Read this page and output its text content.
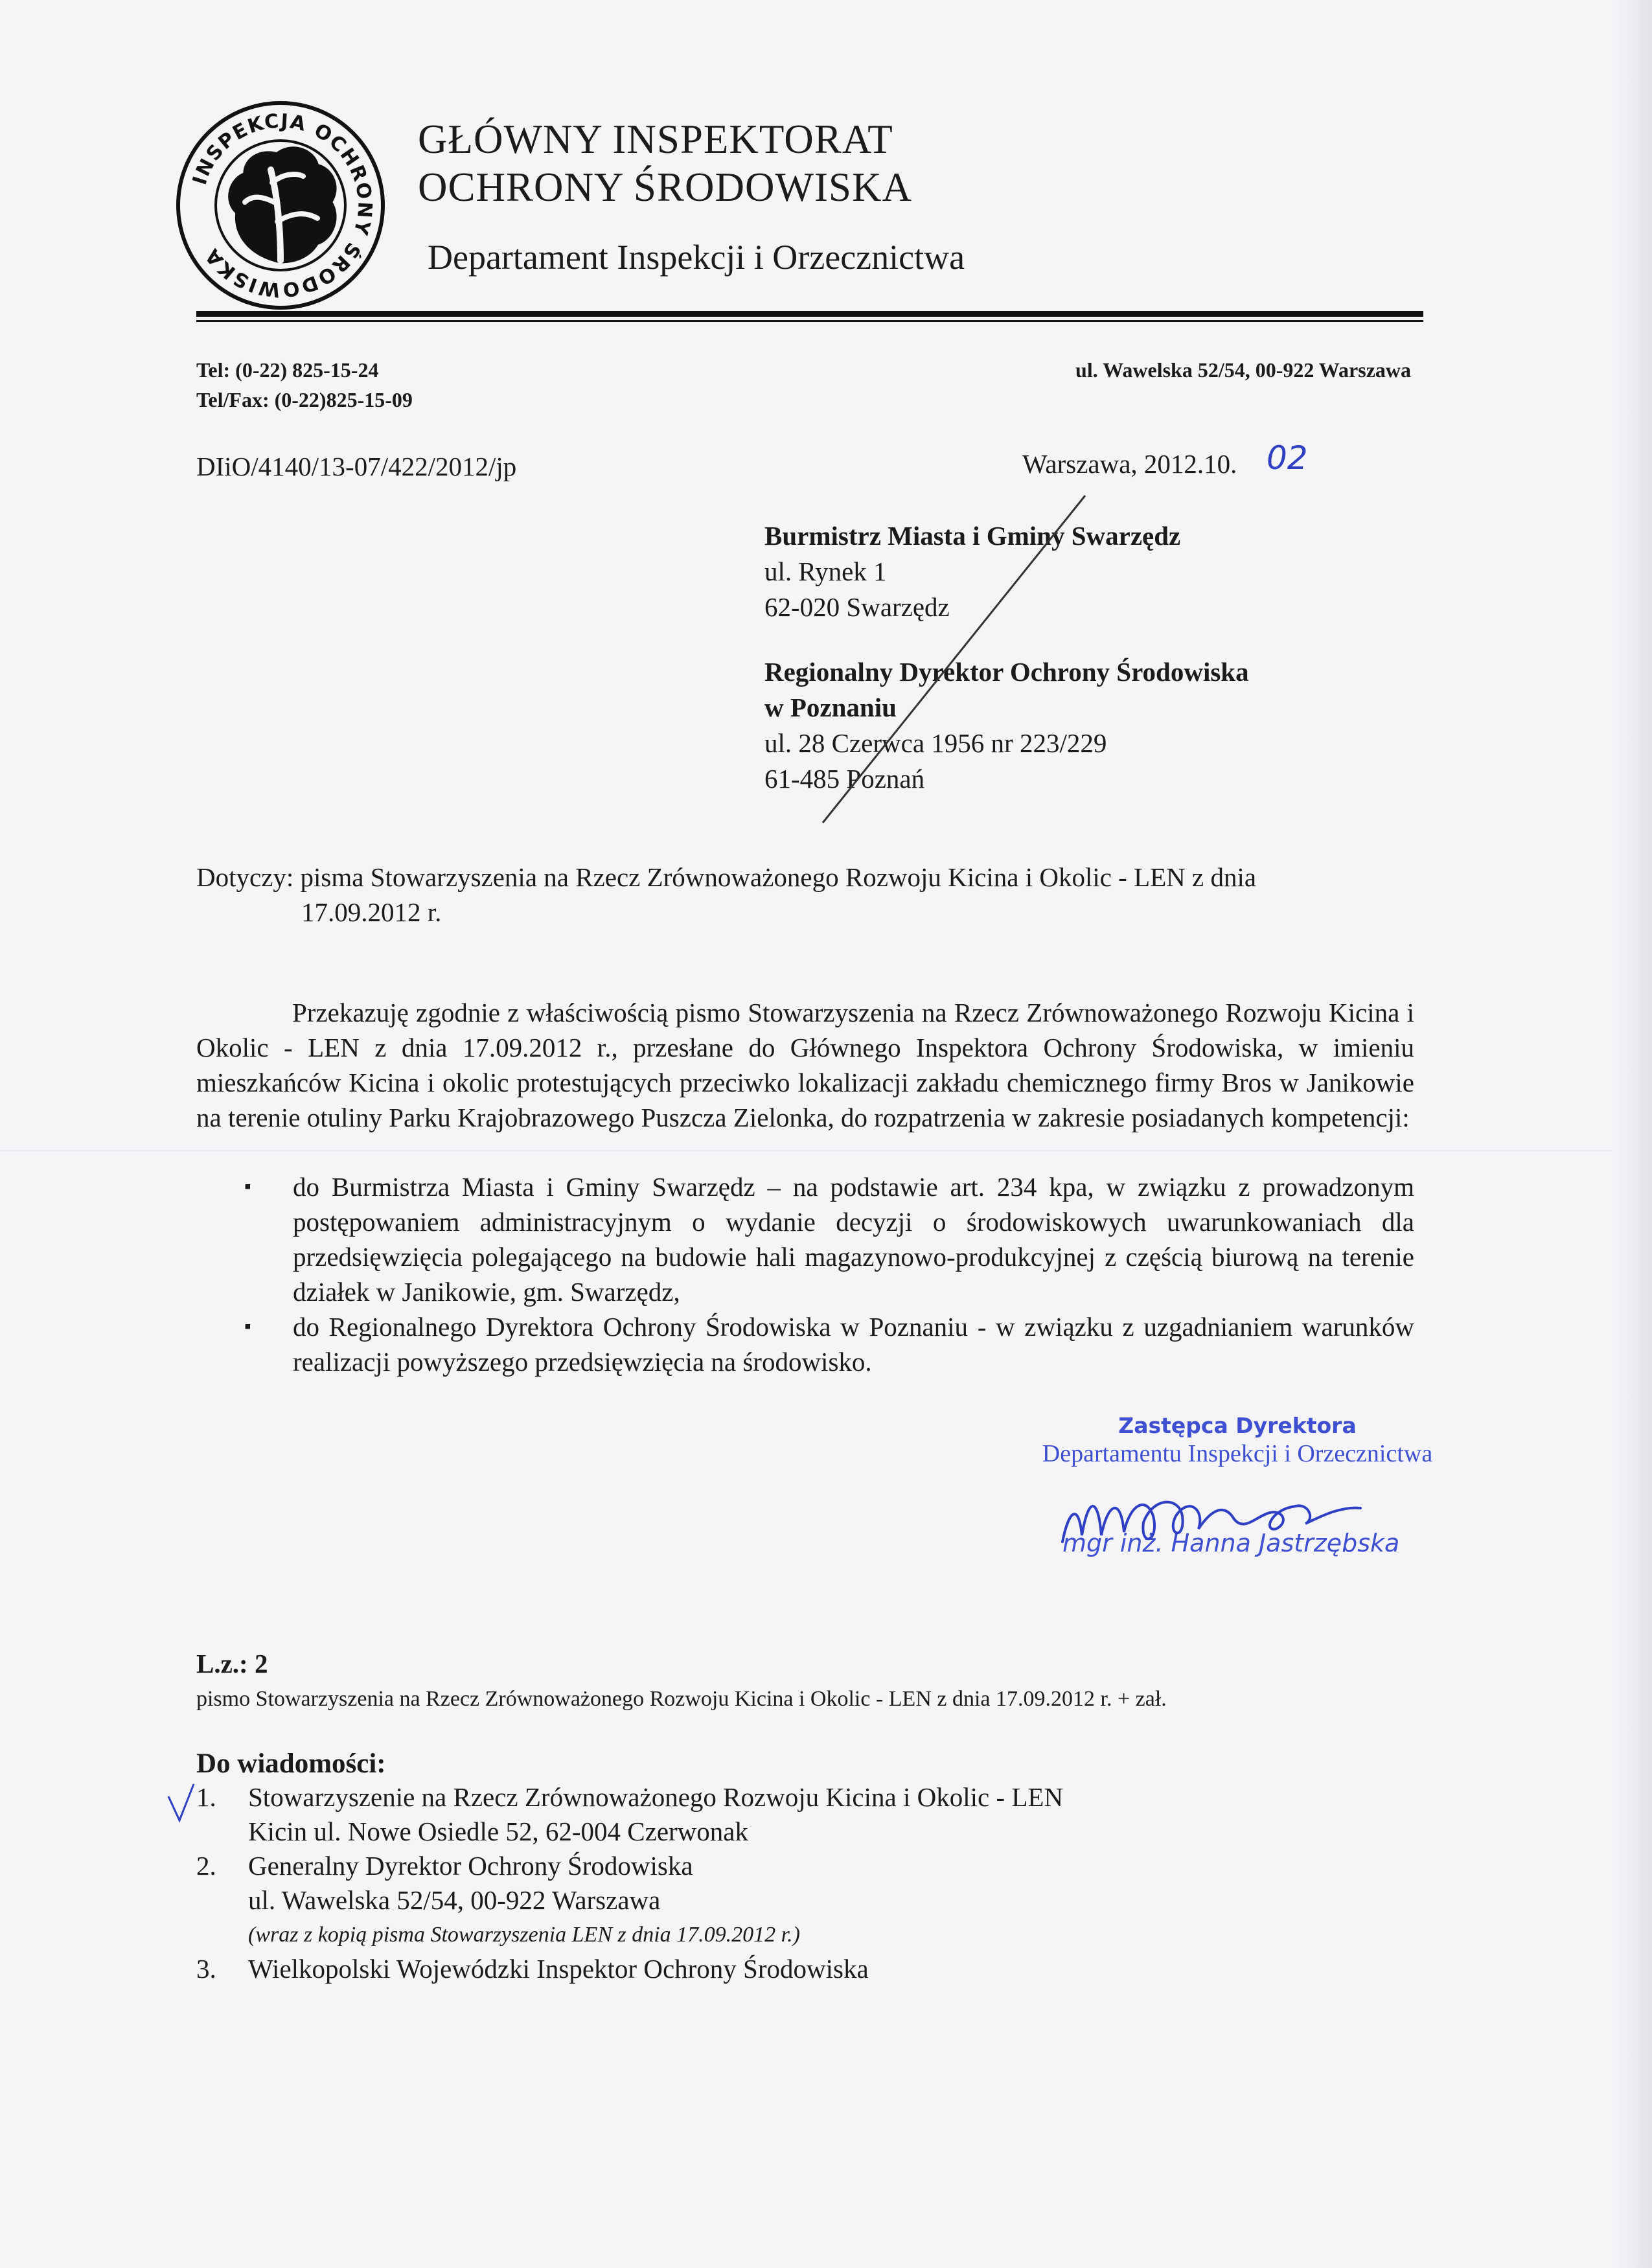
INSPEKCJA OCHRONY ŚRODOWISKA
GŁÓWNY INSPEKTORAT
OCHRONY ŚRODOWISKA
Departament Inspekcji i Orzecznictwa
Tel: (0-22) 825-15-24
Tel/Fax: (0-22)825-15-09
ul. Wawelska 52/54, 00-922 Warszawa
DIiO/4140/13-07/422/2012/jp	Warszawa, 2012.10. 02
Burmistrz Miasta i Gminy Swarzędz
ul. Rynek 1
62-020 Swarzędz
Regionalny Dyrektor Ochrony Środowiska
w Poznaniu
ul. 28 Czerwca 1956 nr 223/229
61-485 Poznań
Dotyczy: pisma Stowarzyszenia na Rzecz Zrównoważonego Rozwoju Kicina i Okolic - LEN z dnia
17.09.2012 r.
Przekazuję zgodnie z właściwością pismo Stowarzyszenia na Rzecz Zrównoważonego Rozwoju Kicina i Okolic - LEN z dnia 17.09.2012 r., przesłane do Głównego Inspektora Ochrony Środowiska, w imieniu mieszkańców Kicina i okolic protestujących przeciwko lokalizacji zakładu chemicznego firmy Bros w Janikowie na terenie otuliny Parku Krajobrazowego Puszcza Zielonka, do rozpatrzenia w zakresie posiadanych kompetencji:
▪ do Burmistrza Miasta i Gminy Swarzędz – na podstawie art. 234 kpa, w związku z prowadzonym postępowaniem administracyjnym o wydanie decyzji o środowiskowych uwarunkowaniach dla przedsięwzięcia polegającego na budowie hali magazynowo-produkcyjnej z częścią biurową na terenie działek w Janikowie, gm. Swarzędz,
▪ do Regionalnego Dyrektora Ochrony Środowiska w Poznaniu - w związku z uzgadnianiem warunków realizacji powyższego przedsięwzięcia na środowisko.
Zastępca Dyrektora
Departamentu Inspekcji i Orzecznictwa
mgr inż. Hanna Jastrzębska
L.z.: 2
pismo Stowarzyszenia na Rzecz Zrównoważonego Rozwoju Kicina i Okolic - LEN z dnia 17.09.2012 r. + zał.
Do wiadomości:
1. Stowarzyszenie na Rzecz Zrównoważonego Rozwoju Kicina i Okolic - LEN
Kicin ul. Nowe Osiedle 52, 62-004 Czerwonak
2. Generalny Dyrektor Ochrony Środowiska
ul. Wawelska 52/54, 00-922 Warszawa
(wraz z kopią pisma Stowarzyszenia LEN z dnia 17.09.2012 r.)
3. Wielkopolski Wojewódzki Inspektor Ochrony Środowiska
